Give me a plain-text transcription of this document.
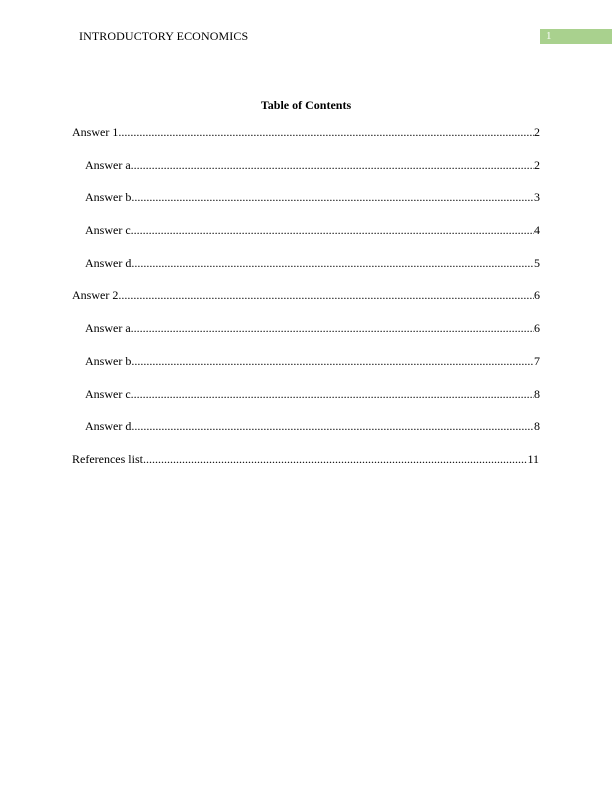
INTRODUCTORY ECONOMICS	1
Table of Contents
Answer 1 .....	2
Answer a .....	2
Answer b .....	3
Answer c .....	4
Answer d .....	5
Answer 2 .....	6
Answer a .....	6
Answer b .....	7
Answer c .....	8
Answer d .....	8
References list .....	11
